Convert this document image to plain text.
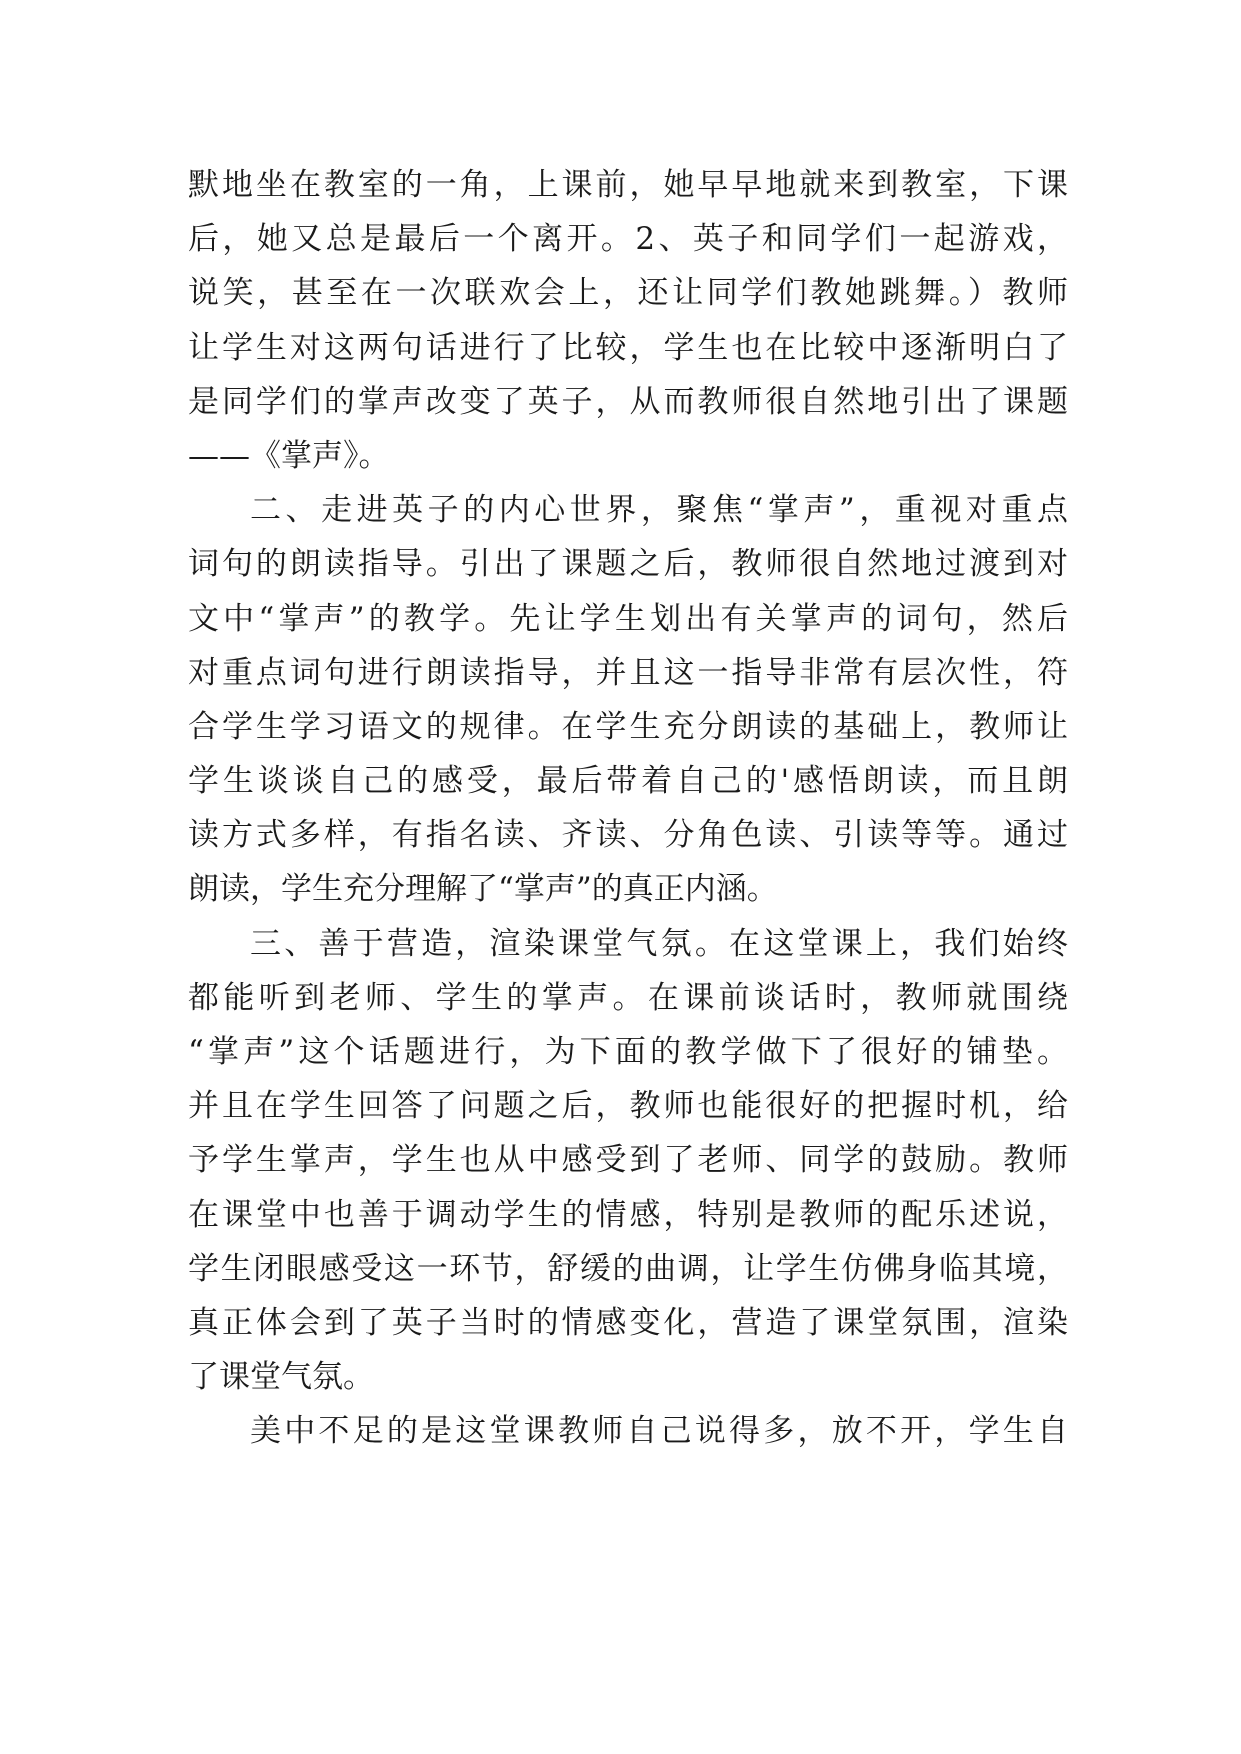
默地坐在教室的一角，上课前，她早早地就来到教室，下课
后，她又总是最后一个离开。2、英子和同学们一起游戏，
说笑，甚至在一次联欢会上，还让同学们教她跳舞。）教师
让学生对这两句话进行了比较，学生也在比较中逐渐明白了
是同学们的掌声改变了英子，从而教师很自然地引出了课题
——《掌声》。
二、走进英子的内心世界，聚焦“掌声”，重视对重点
词句的朗读指导。引出了课题之后，教师很自然地过渡到对
文中“掌声”的教学。先让学生划出有关掌声的词句，然后
对重点词句进行朗读指导，并且这一指导非常有层次性，符
合学生学习语文的规律。在学生充分朗读的基础上，教师让
学生谈谈自己的感受，最后带着自己的'感悟朗读，而且朗
读方式多样，有指名读、齐读、分角色读、引读等等。通过
朗读，学生充分理解了“掌声”的真正内涵。
三、善于营造，渲染课堂气氛。在这堂课上，我们始终
都能听到老师、学生的掌声。在课前谈话时，教师就围绕
“掌声”这个话题进行，为下面的教学做下了很好的铺垫。
并且在学生回答了问题之后，教师也能很好的把握时机，给
予学生掌声，学生也从中感受到了老师、同学的鼓励。教师
在课堂中也善于调动学生的情感，特别是教师的配乐述说，
学生闭眼感受这一环节，舒缓的曲调，让学生仿佛身临其境，
真正体会到了英子当时的情感变化，营造了课堂氛围，渲染
了课堂气氛。
美中不足的是这堂课教师自己说得多，放不开，学生自
